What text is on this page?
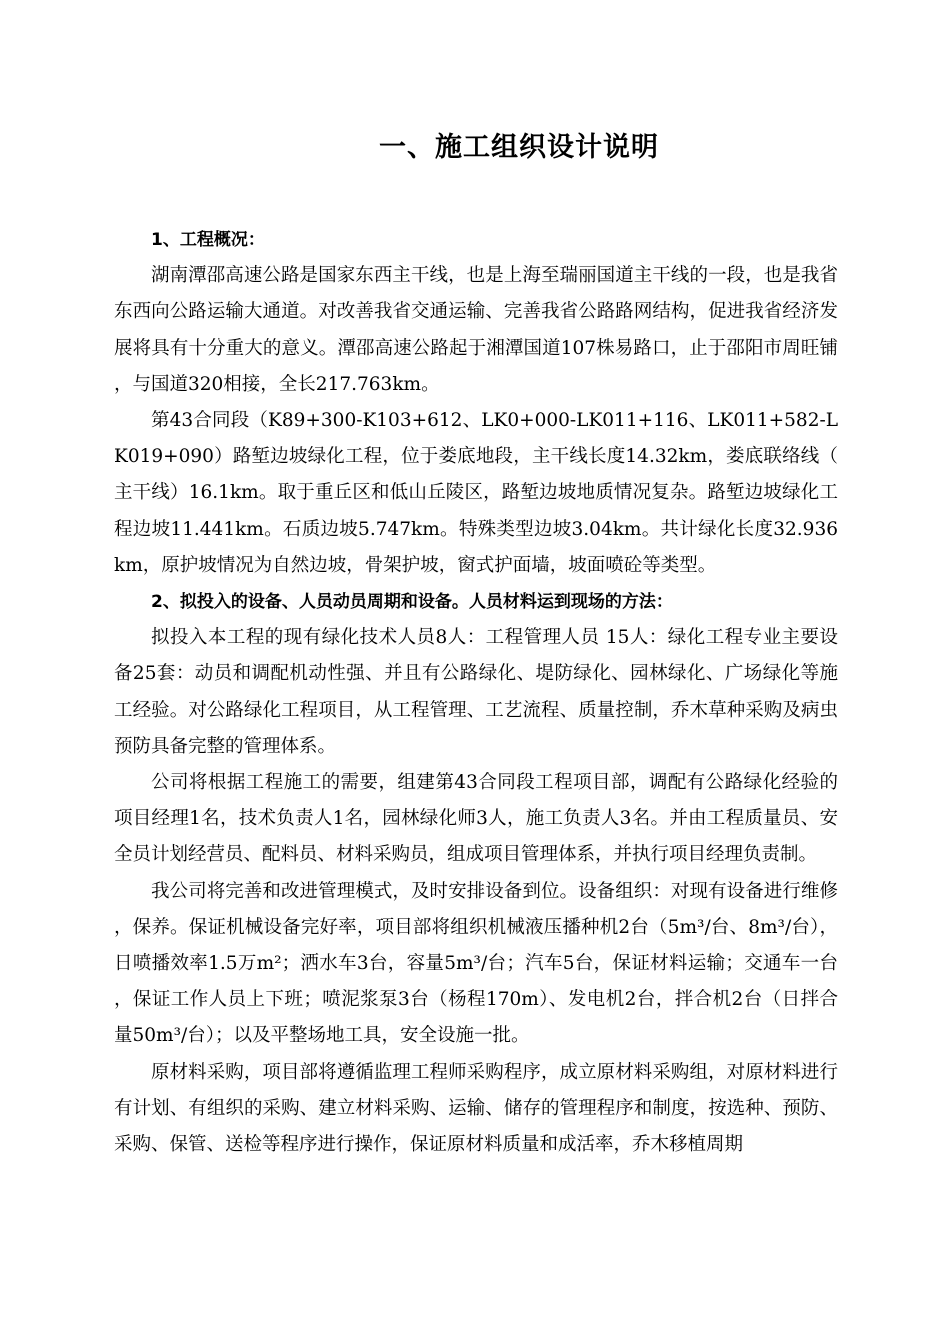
一、施工组织设计说明

1、工程概况：

湖南潭邵高速公路是国家东西主干线，也是上海至瑞丽国道主干线的一段，也是我省东西向公路运输大通道。对改善我省交通运输、完善我省公路路网结构，促进我省经济发展将具有十分重大的意义。潭邵高速公路起于湘潭国道107株易路口，止于邵阳市周旺铺，与国道320相接，全长217.763km。

第43合同段（K89+300-K103+612、LK0+000-LK011+116、LK011+582-LK019+090）路堑边坡绿化工程，位于娄底地段，主干线长度14.32km，娄底联络线（主干线）16.1km。取于重丘区和低山丘陵区，路堑边坡地质情况复杂。路堑边坡绿化工程边坡11.441km。石质边坡5.747km。特殊类型边坡3.04km。共计绿化长度32.936km，原护坡情况为自然边坡，骨架护坡，窗式护面墙，坡面喷砼等类型。

2、拟投入的设备、人员动员周期和设备。人员材料运到现场的方法：

拟投入本工程的现有绿化技术人员8人：工程管理人员 15人：绿化工程专业主要设备25套：动员和调配机动性强、并且有公路绿化、堤防绿化、园林绿化、广场绿化等施工经验。对公路绿化工程项目，从工程管理、工艺流程、质量控制，乔木草种采购及病虫预防具备完整的管理体系。

公司将根据工程施工的需要，组建第43合同段工程项目部，调配有公路绿化经验的项目经理1名，技术负责人1名，园林绿化师3人，施工负责人3名。并由工程质量员、安全员计划经营员、配料员、材料采购员，组成项目管理体系，并执行项目经理负责制。

我公司将完善和改进管理模式，及时安排设备到位。设备组织：对现有设备进行维修，保养。保证机械设备完好率，项目部将组织机械液压播种机2台（5m³/台、8m³/台），日喷播效率1.5万m²；洒水车3台，容量5m³/台；汽车5台，保证材料运输；交通车一台，保证工作人员上下班；喷泥浆泵3台（杨程170m）、发电机2台，拌合机2台（日拌合量50m³/台）；以及平整场地工具，安全设施一批。

原材料采购，项目部将遵循监理工程师采购程序，成立原材料采购组，对原材料进行有计划、有组织的采购、建立材料采购、运输、储存的管理程序和制度，按选种、预防、采购、保管、送检等程序进行操作，保证原材料质量和成活率，乔木移植周期
